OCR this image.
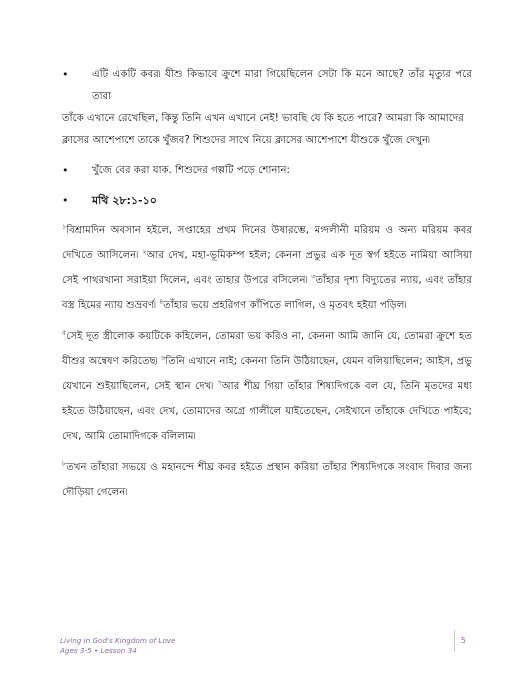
•	এটি একটি কবর৷ যীশু কিভাবে ক্রুশে মারা গিয়েছিলেন সেটা কি মনে আছে? তাঁর মৃত্যুর পরে তারা
তাঁকে এখানে রেখেছিল, কিন্তু তিনি এখন এখানে নেই! ভাবছি যে কি হতে পারে? আমরা কি আমাদের
ক্লাসের আশেপাশে তাকে খুঁজব? শিশুদের সাথে নিয়ে ক্লাসের আশেপাশে যীশুকে খুঁজে দেখুন৷
•	খুঁজে বের করা যাক. শিশুদের গল্পটি পড়ে শোনান:
•	মথি ২৮:১-১০
$^১$বিশ্রামদিন অবসান হইলে, সপ্তাহের প্রথম দিনের উষারম্ভে, মগ্দলীনী মরিয়ম ও অন্য মরিয়ম কবর দেখিতে আসিলেন৷ $^২$আর দেখ, মহা-ভূমিকম্প হইল; কেননা প্রভুর এক দূত স্বর্গ হইতে নামিয়া আসিয়া সেই পাথরখানা সরাইয়া দিলেন, এবং তাহার উপরে বসিলেন৷ $^৩$তাঁহার দৃশ্য বিদ্যুতের ন্যায়, এবং তাঁহার বস্ত্র হিমের ন্যায় শুভ্রবর্ণ৷ $^৪$তাঁহার ভয়ে প্রহরিগণ কাঁপিতে লাগিল, ও মৃতবৎ হইয়া পড়িল৷
$^৫$সেই দূত স্ত্রীলোক কয়টিকে কহিলেন, তোমরা ভয় করিও না, কেননা আমি জানি যে, তোমরা ক্রুশে হত যীশুর অন্বেষণ করিতেছ৷ $^৬$তিনি এখানে নাই; কেননা তিনি উঠিয়াছেন, যেমন বলিয়াছিলেন; আইস, প্রভু যেখানে শুইয়াছিলেন, সেই স্থান দেখ৷ $^৭$আর শীঘ্র গিয়া তাঁহার শিষ্যদিগকে বল যে, তিনি মৃতদের মধ্য হইতে উঠিয়াছেন, এবং দেখ, তোমাদের অগ্রে গালীলে যাইতেছেন, সেইখানে তাঁহাকে দেখিতে পাইবে; দেখ, আমি তোমাদিগকে বলিলাম৷
$^৮$তখন তাঁহারা সভয়ে ও মহানন্দে শীঘ্র কবর হইতে প্রস্থান করিয়া তাঁহার শিষ্যদিগকে সংবাদ দিবার জন্য দৌড়িয়া গেলেন৷
Living in God's Kingdom of Love
Ages 3-5 • Lesson 34
5
